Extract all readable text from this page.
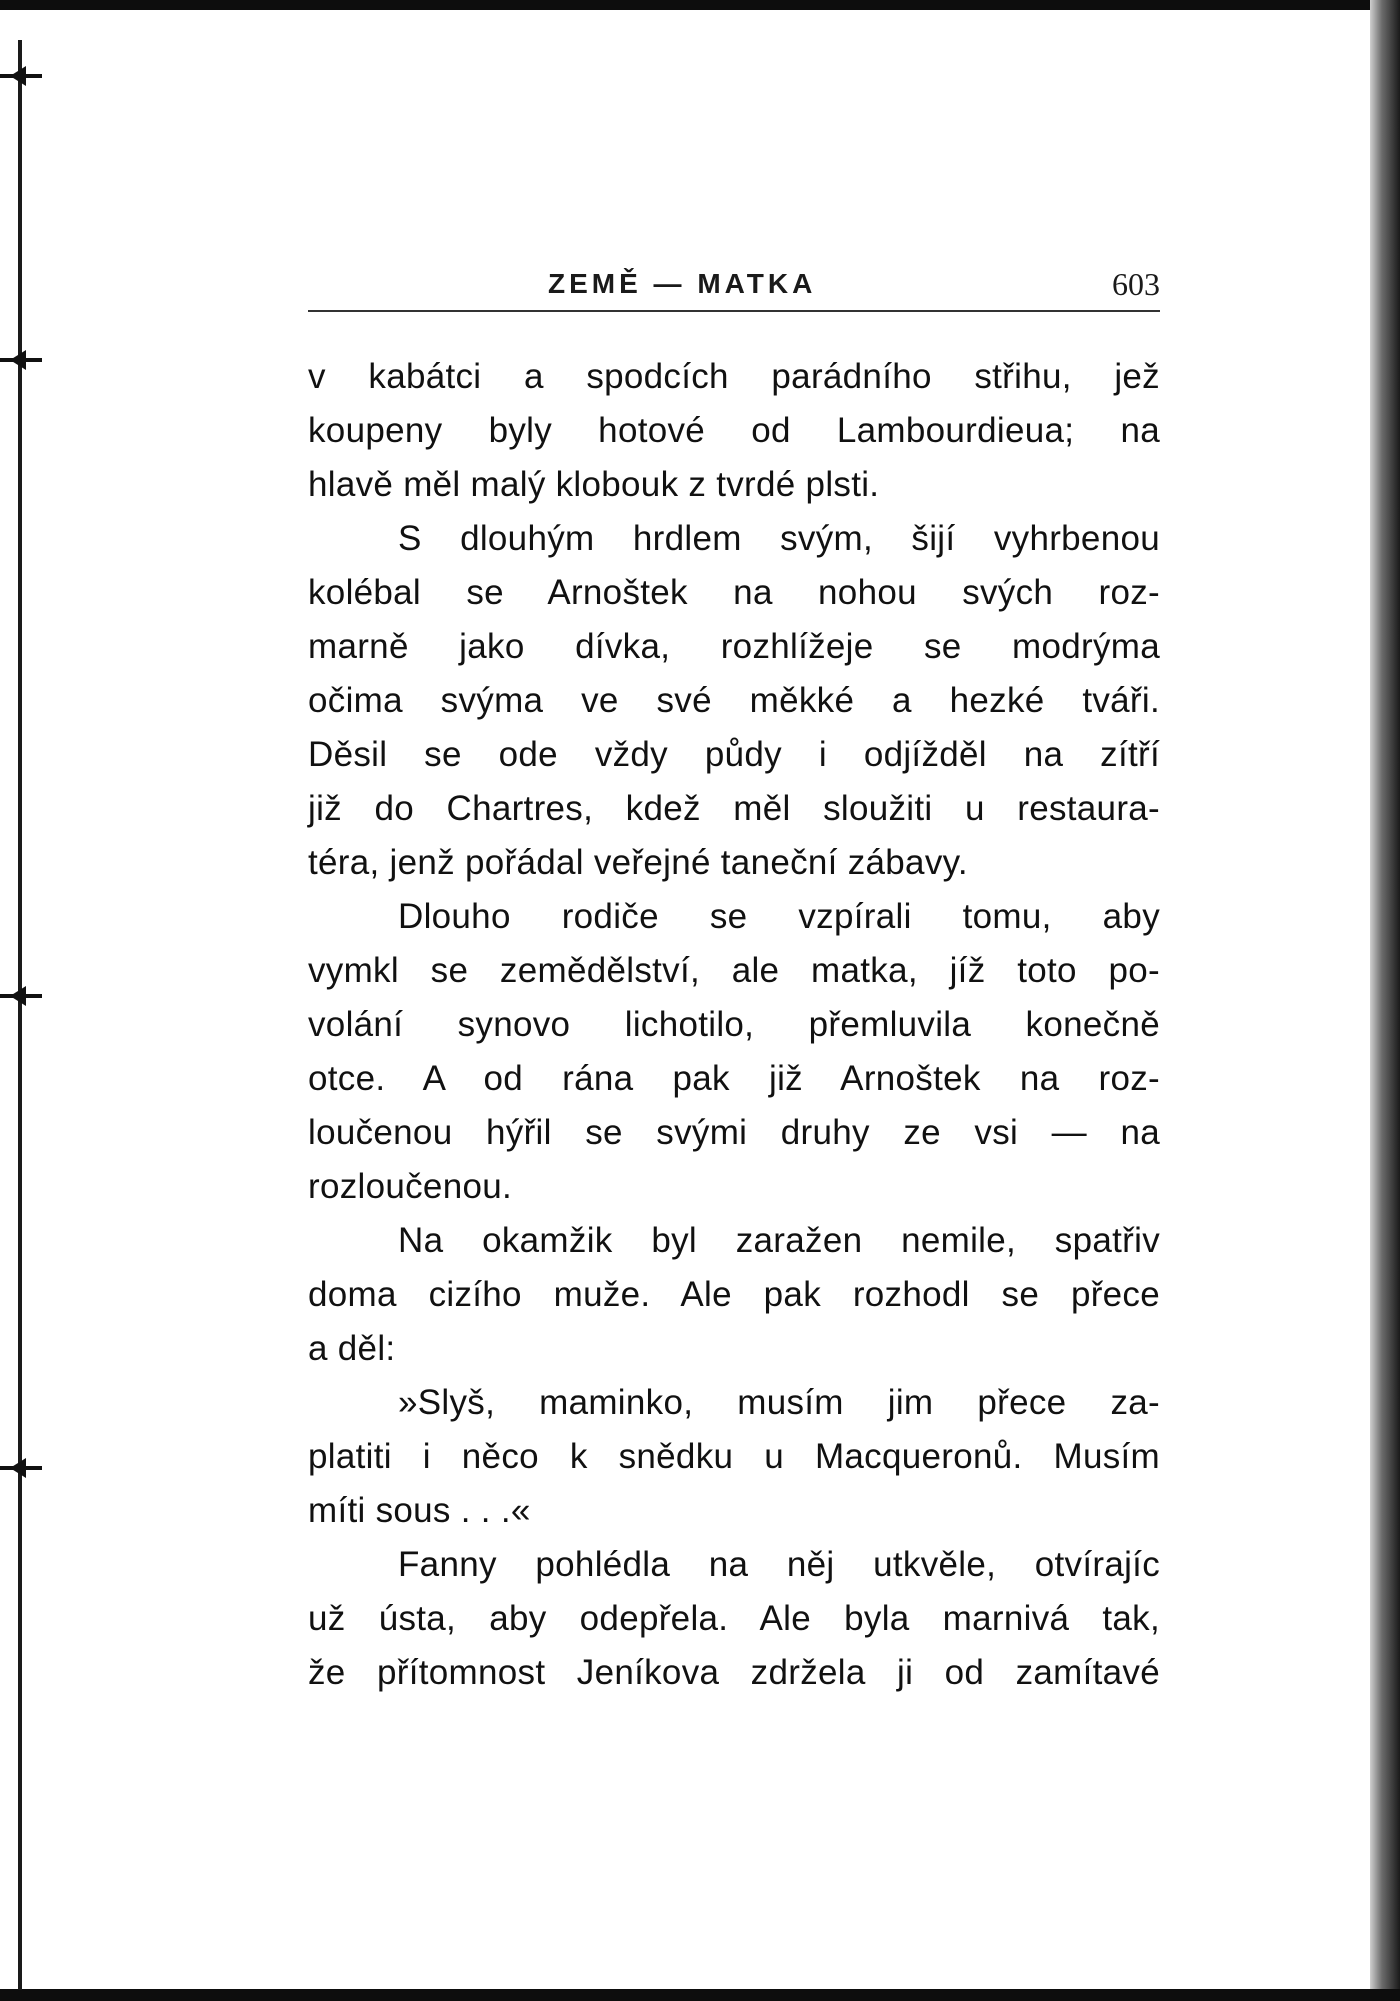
ZEMĚ — MATKA	603
v kabátci a spodcích parádního střihu, jež
koupeny byly hotové od Lambourdieua; na
hlavě měl malý klobouk z tvrdé plsti.
S dlouhým hrdlem svým, šijí vyhrbenou
kolébal se Arnoštek na nohou svých roz-
marně jako dívka, rozhlížeje se modrýma
očima svýma ve své měkké a hezké tváři.
Děsil se ode vždy půdy i odjížděl na zítří
již do Chartres, kdež měl sloužiti u restaura-
téra, jenž pořádal veřejné taneční zábavy.
Dlouho rodiče se vzpírali tomu, aby
vymkl se zemědělství, ale matka, jíž toto po-
volání synovo lichotilo, přemluvila konečně
otce. A od rána pak již Arnoštek na roz-
loučenou hýřil se svými druhy ze vsi — na
rozloučenou.
Na okamžik byl zaražen nemile, spatřiv
doma cizího muže. Ale pak rozhodl se přece
a děl:
»Slyš, maminko, musím jim přece za-
platiti i něco k snědku u Macqueronů. Musím
míti sous . . .«
Fanny pohlédla na něj utkvěle, otvírajíc
už ústa, aby odepřela. Ale byla marnivá tak,
že přítomnost Jeníkova zdržela ji od zamítavé
